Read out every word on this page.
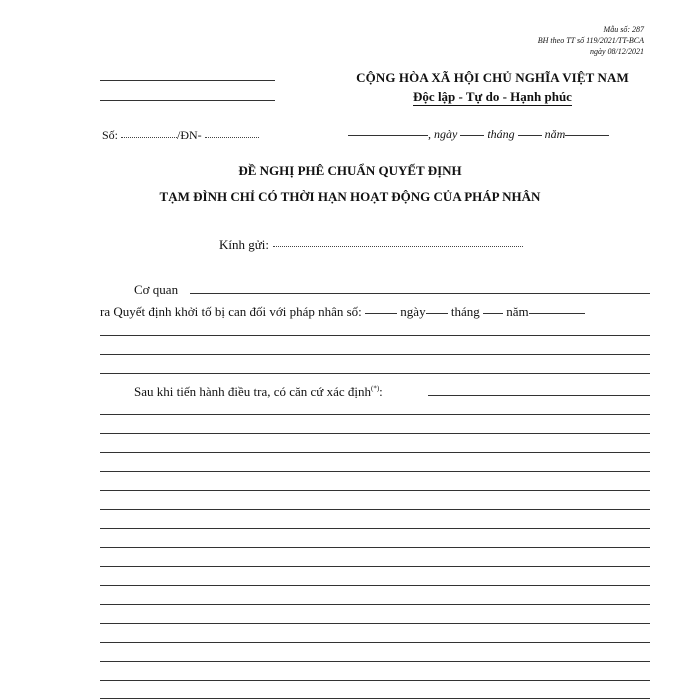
Mẫu số: 287
BH theo TT số 119/2021/TT-BCA
ngày 08/12/2021
CỘNG HÒA XÃ HỘI CHỦ NGHĨA VIỆT NAM
Độc lập - Tự do - Hạnh phúc
Số:	/ĐN-	, ngày	tháng	năm
ĐỀ NGHỊ PHÊ CHUẨN QUYẾT ĐỊNH
TẠM ĐÌNH CHỈ CÓ THỜI HẠN HOẠT ĐỘNG CỦA PHÁP NHÂN
Kính gửi:
Cơ quan
ra Quyết định khởi tố bị can đối với pháp nhân số:	ngày tháng năm
Sau khi tiến hành điều tra, có căn cứ xác định(*):
